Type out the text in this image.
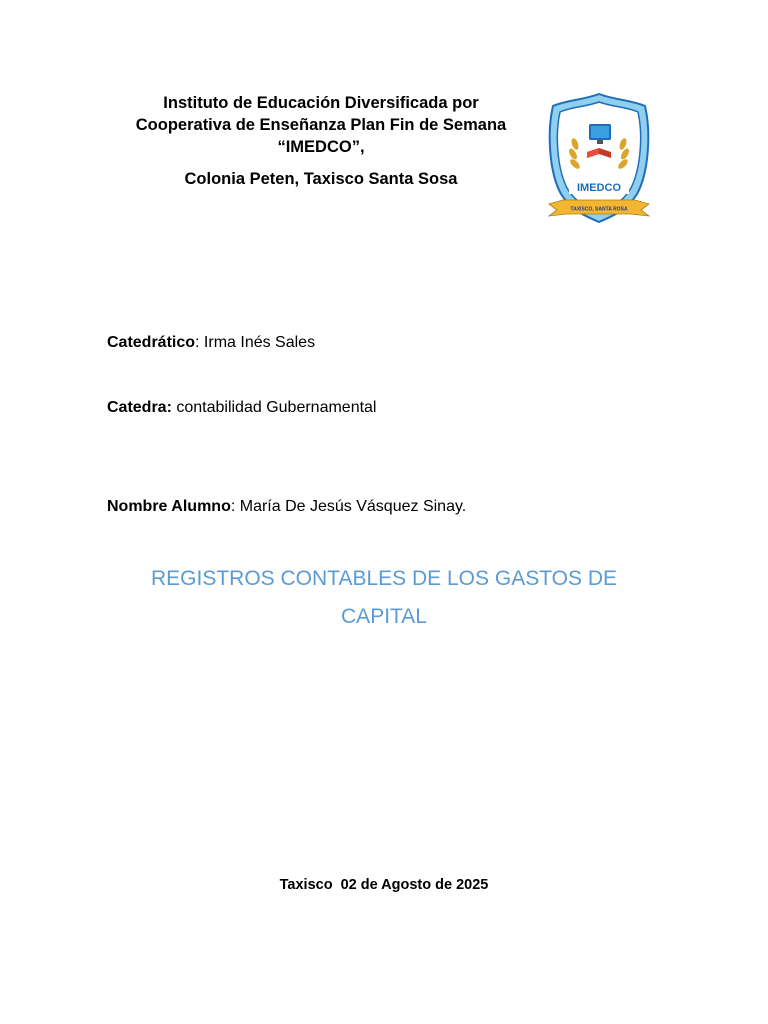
Instituto de Educación Diversificada por
Cooperativa de Enseñanza Plan Fin de Semana
“IMEDCO”,
Colonia Peten, Taxisco Santa Sosa	IMEDCO
TAXISCO, SANTA ROSA
Catedrático: Irma Inés Sales
Catedra: contabilidad Gubernamental
Nombre Alumno: María De Jesús Vásquez Sinay.
REGISTROS CONTABLES DE LOS GASTOS DE
CAPITAL
Taxisco  02 de Agosto de 2025
